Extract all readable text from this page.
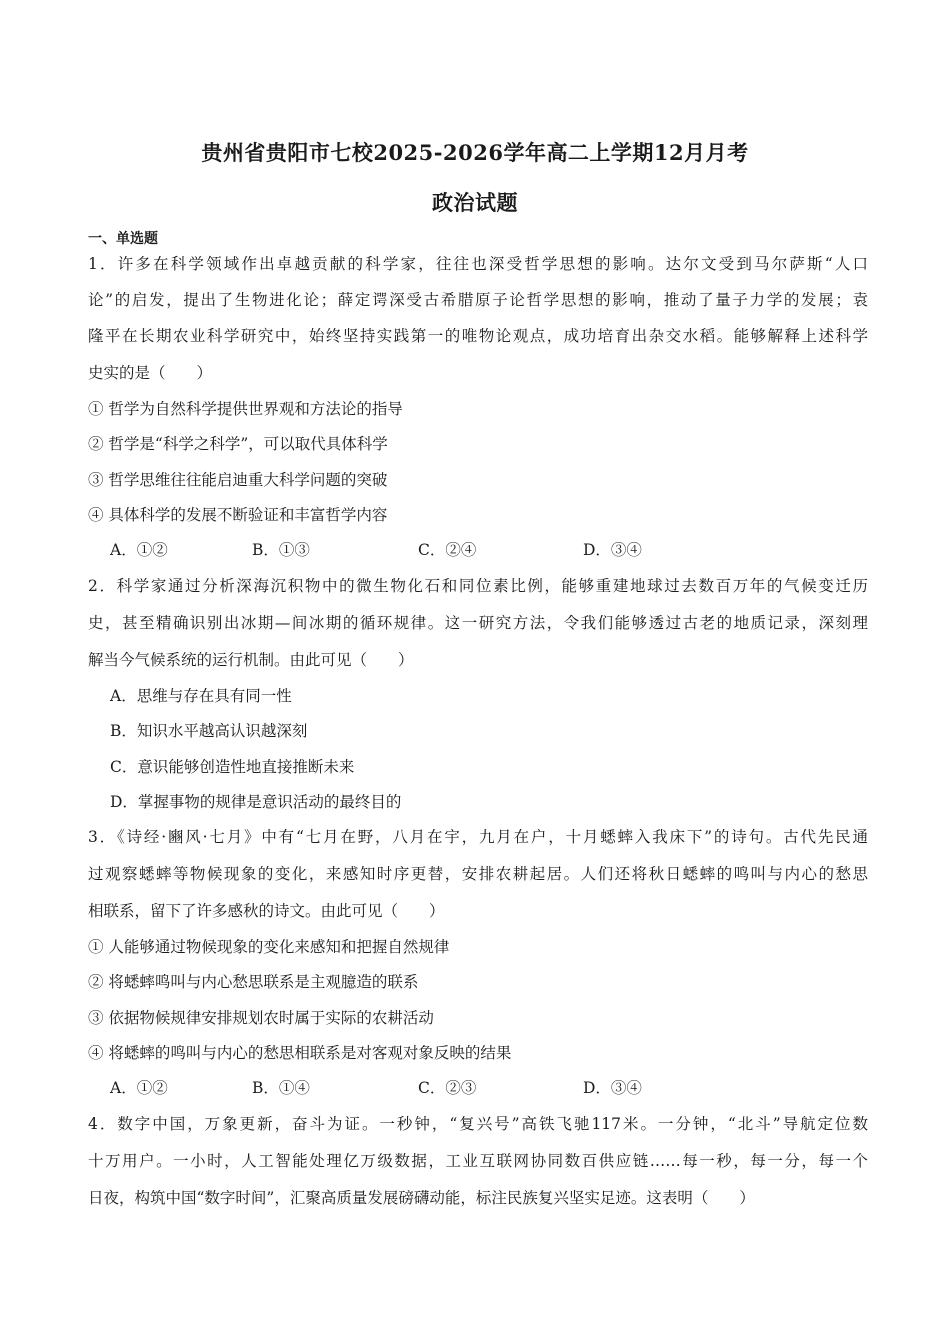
贵州省贵阳市七校2025-2026学年高二上学期12月月考
政治试题
一、单选题
1．许多在科学领域作出卓越贡献的科学家，往往也深受哲学思想的影响。达尔文受到马尔萨斯“人口
论”的启发，提出了生物进化论；薛定谔深受古希腊原子论哲学思想的影响，推动了量子力学的发展；袁
隆平在长期农业科学研究中，始终坚持实践第一的唯物论观点，成功培育出杂交水稻。能够解释上述科学
史实的是（　　）
① 哲学为自然科学提供世界观和方法论的指导
② 哲学是“科学之科学”，可以取代具体科学
③ 哲学思维往往能启迪重大科学问题的突破
④ 具体科学的发展不断验证和丰富哲学内容
A．①②	B．①③	C．②④	D．③④
2．科学家通过分析深海沉积物中的微生物化石和同位素比例，能够重建地球过去数百万年的气候变迁历
史，甚至精确识别出冰期—间冰期的循环规律。这一研究方法，令我们能够透过古老的地质记录，深刻理
解当今气候系统的运行机制。由此可见（　　）
A．思维与存在具有同一性
B．知识水平越高认识越深刻
C．意识能够创造性地直接推断未来
D．掌握事物的规律是意识活动的最终目的
3．《诗经·豳风·七月》中有“七月在野，八月在宇，九月在户，十月蟋蟀入我床下”的诗句。古代先民通
过观察蟋蟀等物候现象的变化，来感知时序更替，安排农耕起居。人们还将秋日蟋蟀的鸣叫与内心的愁思
相联系，留下了许多感秋的诗文。由此可见（　　）
① 人能够通过物候现象的变化来感知和把握自然规律
② 将蟋蟀鸣叫与内心愁思联系是主观臆造的联系
③ 依据物候规律安排规划农时属于实际的农耕活动
④ 将蟋蟀的鸣叫与内心的愁思相联系是对客观对象反映的结果
A．①②	B．①④	C．②③	D．③④
4．数字中国，万象更新，奋斗为证。一秒钟，“复兴号”高铁飞驰117米。一分钟，“北斗”导航定位数
十万用户。一小时，人工智能处理亿万级数据，工业互联网协同数百供应链……每一秒，每一分，每一个
日夜，构筑中国“数字时间”，汇聚高质量发展磅礴动能，标注民族复兴坚实足迹。这表明（　　）
